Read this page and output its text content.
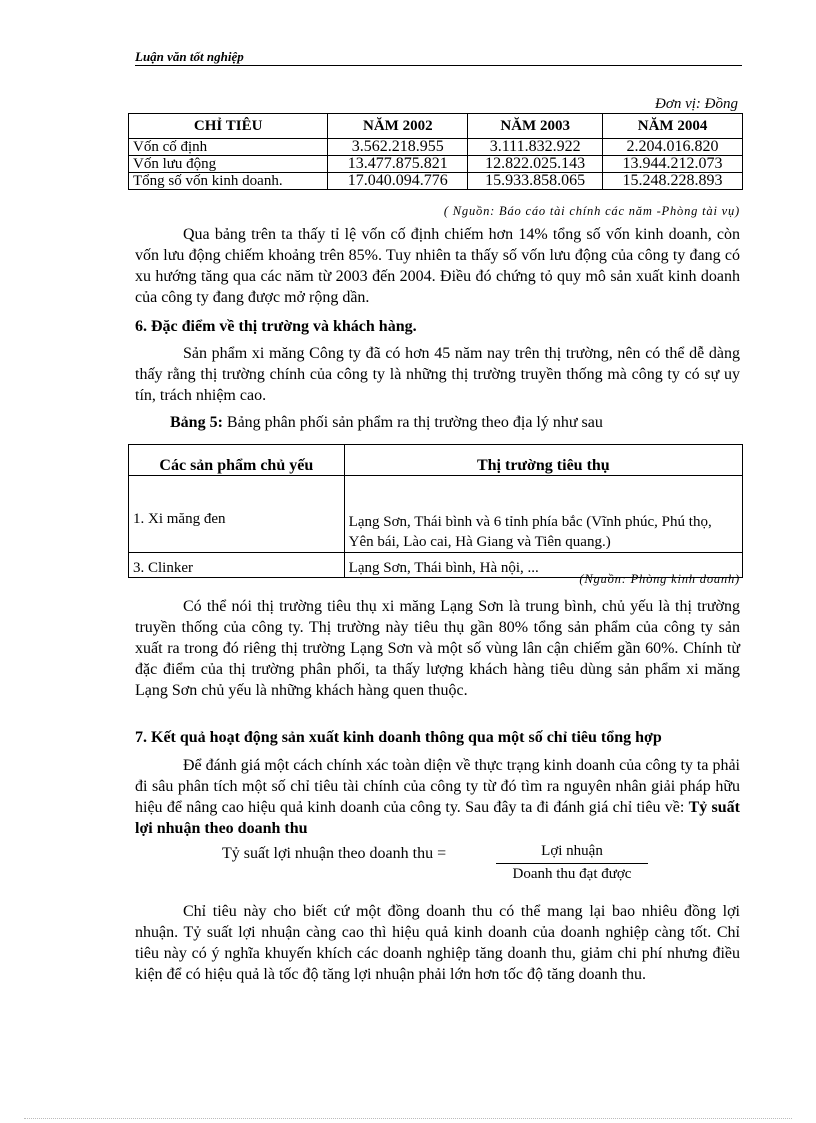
Luận văn tốt nghiệp
Đơn vị: Đồng
CHỈ TIÊU	NĂM 2002	NĂM 2003	NĂM 2004
Vốn cố định	3.562.218.955	3.111.832.922	2.204.016.820
Vốn lưu động	13.477.875.821	12.822.025.143	13.944.212.073
Tổng số vốn kinh doanh.	17.040.094.776	15.933.858.065	15.248.228.893
( Nguồn: Báo cáo tài chính các năm -Phòng tài vụ)
Qua bảng trên ta thấy tỉ lệ vốn cố định chiếm hơn 14% tổng số vốn kinh doanh, còn vốn lưu động chiếm khoảng trên 85%. Tuy nhiên ta thấy số vốn lưu động của công ty đang có xu hướng tăng qua các năm từ 2003 đến 2004. Điều đó chứng tỏ quy mô sản xuất kinh doanh của công ty đang được mở rộng dần.
6. Đặc điểm về thị trường và khách hàng.
Sản phẩm xi măng Công ty đã có hơn 45 năm nay trên thị trường, nên có thể dễ dàng thấy rằng thị trường chính của công ty là những thị trường truyền thống mà công ty có sự uy tín, trách nhiệm cao.
Bảng 5: Bảng phân phối sản phẩm ra thị trường theo địa lý như sau
Các sản phẩm chủ yếu	Thị trường tiêu thụ
1. Xi măng đen	Lạng Sơn, Thái bình và 6 tỉnh phía bắc (Vĩnh phúc, Phú thọ, Yên bái, Lào cai, Hà Giang và Tiên quang.)
3. Clinker	Lạng Sơn, Thái bình, Hà nội, ...
(Nguồn: Phòng kinh doanh)
Có thể nói thị trường tiêu thụ xi măng Lạng Sơn là trung bình, chủ yếu là thị trường truyền thống của công ty. Thị trường này tiêu thụ gần 80% tổng sản phẩm của công ty sản xuất ra trong đó riêng thị trường Lạng Sơn và một số vùng lân cận chiếm gần 60%. Chính từ đặc điểm của thị trường phân phối, ta thấy lượng khách hàng tiêu dùng sản phẩm xi măng Lạng Sơn chủ yếu là những khách hàng quen thuộc.
7. Kết quả hoạt động sản xuất kinh doanh thông qua một số chỉ tiêu tổng hợp
Để đánh giá một cách chính xác toàn diện về thực trạng kinh doanh của công ty ta phải đi sâu phân tích một số chỉ tiêu tài chính của công ty từ đó tìm ra nguyên nhân giải pháp hữu hiệu để nâng cao hiệu quả kinh doanh của công ty. Sau đây ta đi đánh giá chỉ tiêu về: Tỷ suất lợi nhuận theo doanh thu
Tỷ suất lợi nhuận theo doanh thu =	Lợi nhuận
Doanh thu đạt được
Chỉ tiêu này cho biết cứ một đồng doanh thu có thể mang lại bao nhiêu đồng lợi nhuận. Tỷ suất lợi nhuận càng cao thì hiệu quả kinh doanh của doanh nghiệp càng tốt. Chỉ tiêu này có ý nghĩa khuyến khích các doanh nghiệp tăng doanh thu, giảm chi phí nhưng điều kiện để có hiệu quả là tốc độ tăng lợi nhuận phải lớn hơn tốc độ tăng doanh thu.
